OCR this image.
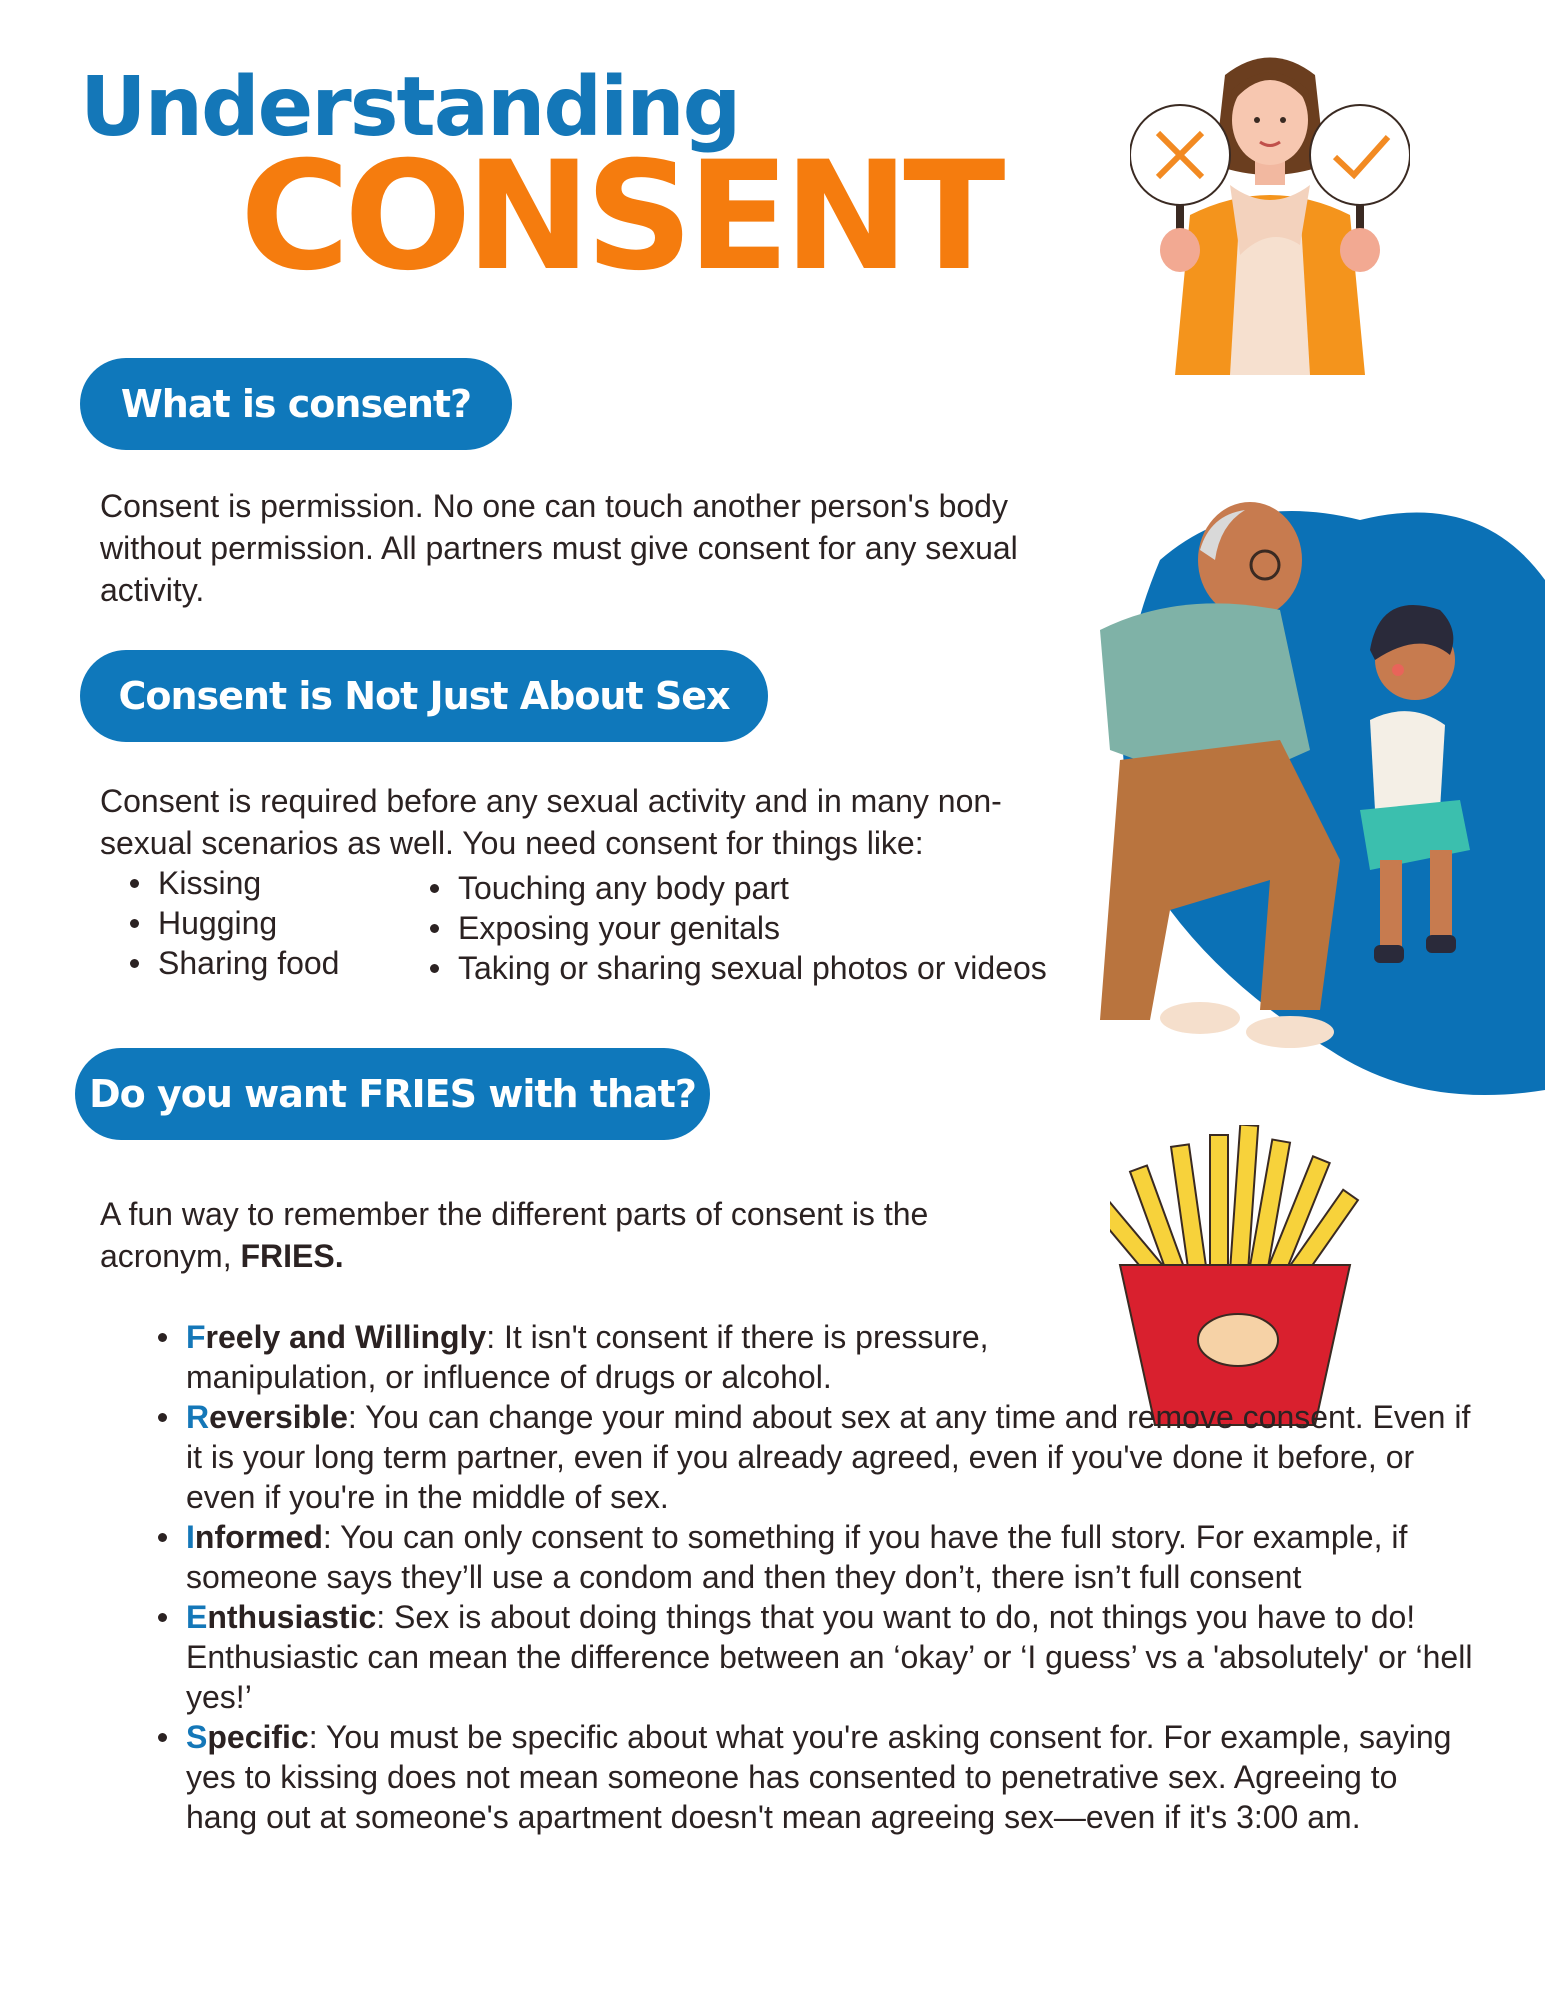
Understanding
CONSENT
What is consent?
Consent is permission. No one can touch another person's body without permission. All partners must give consent for any sexual activity.
Consent is Not Just About Sex
Consent is required before any sexual activity and in many non-sexual scenarios as well. You need consent for things like:
Kissing
Hugging
Sharing food
Touching any body part
Exposing your genitals
Taking or sharing sexual photos or videos
Do you want FRIES with that?
A fun way to remember the different parts of consent is the acronym, FRIES.
Freely and Willingly: It isn't consent if there is pressure, manipulation, or influence of drugs or alcohol.
Reversible: You can change your mind about sex at any time and remove consent. Even if it is your long term partner, even if you already agreed, even if you've done it before, or even if you're in the middle of sex.
Informed: You can only consent to something if you have the full story. For example, if someone says they’ll use a condom and then they don’t, there isn’t full consent
Enthusiastic: Sex is about doing things that you want to do, not things you have to do! Enthusiastic can mean the difference between an ‘okay’ or ‘I guess’ vs a 'absolutely' or ‘hell yes!’
Specific: You must be specific about what you're asking consent for. For example, saying yes to kissing does not mean someone has consented to penetrative sex. Agreeing to hang out at someone's apartment doesn't mean agreeing sex—even if it's 3:00 am.
